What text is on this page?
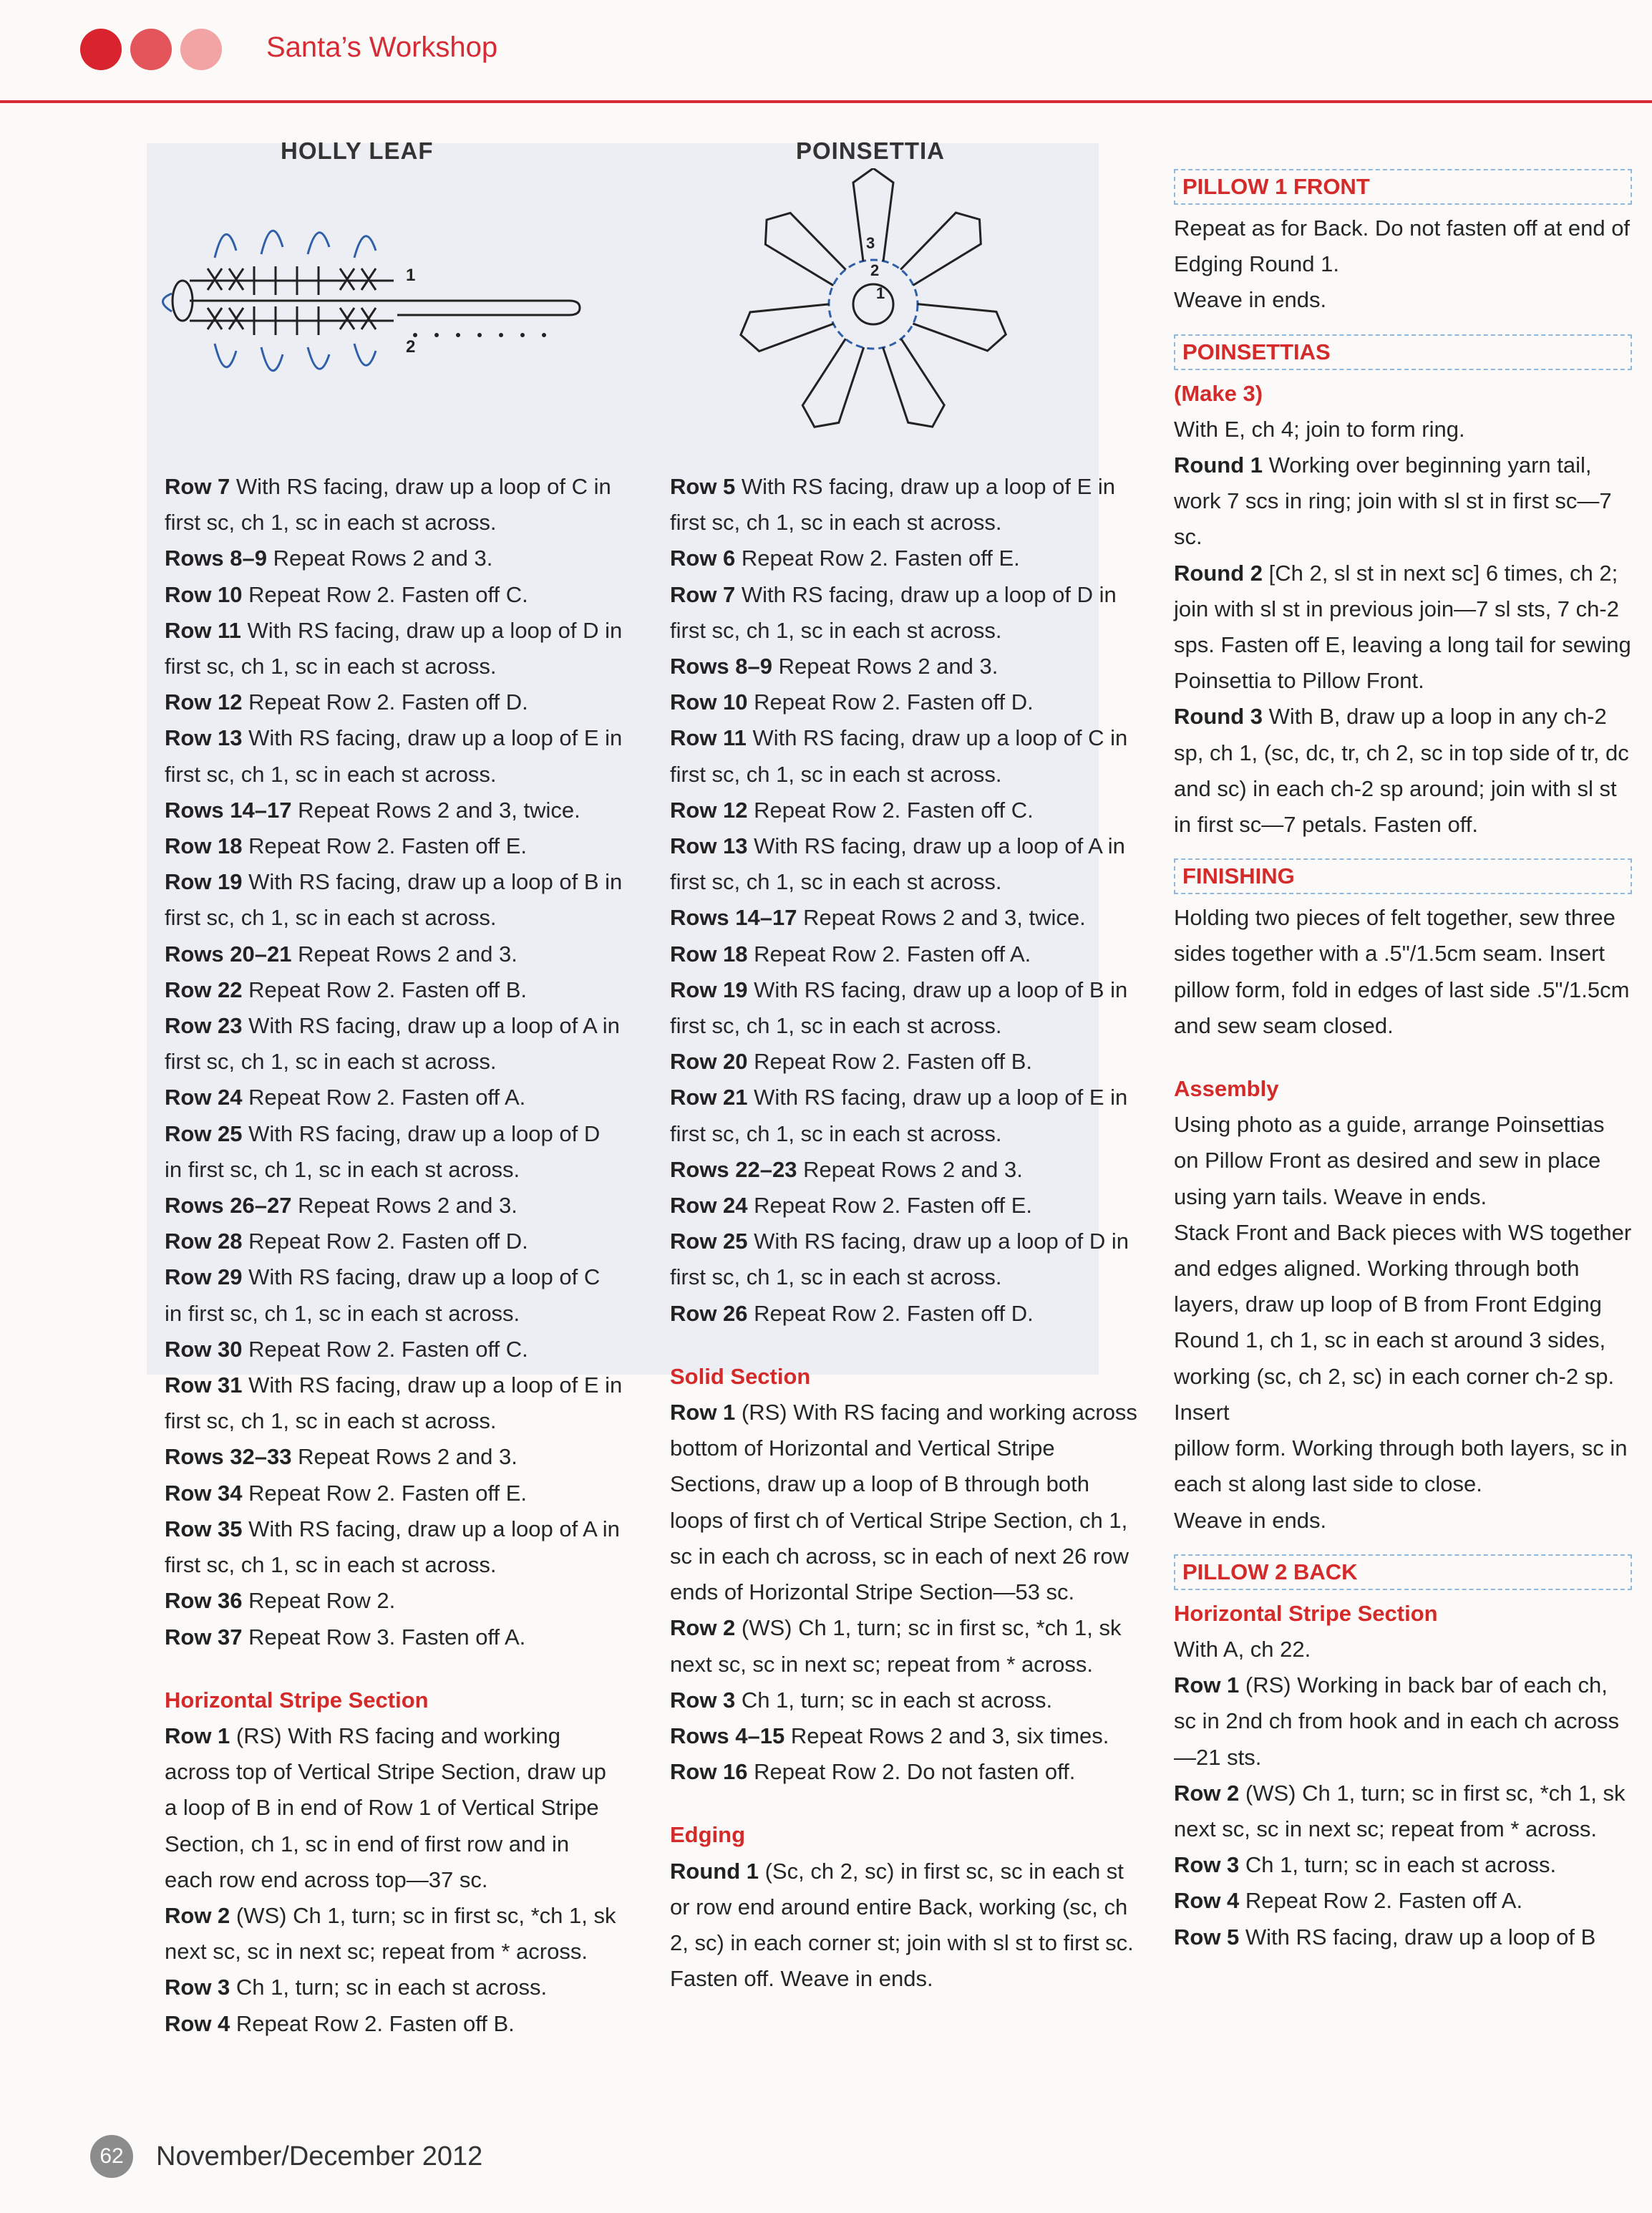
Santa’s Workshop
HOLLY LEAF
1
2
POINSETTIA
1
2
3

Row 7 With RS facing, draw up a loop of C in first sc, ch 1, sc in each st across.

Rows 8–9 Repeat Rows 2 and 3.

Row 10 Repeat Row 2. Fasten off C.

Row 11 With RS facing, draw up a loop of D in first sc, ch 1, sc in each st across.

Row 12 Repeat Row 2. Fasten off D.

Row 13 With RS facing, draw up a loop of E in first sc, ch 1, sc in each st across.

Rows 14–17 Repeat Rows 2 and 3, twice.

Row 18 Repeat Row 2. Fasten off E.

Row 19 With RS facing, draw up a loop of B in first sc, ch 1, sc in each st across.

Rows 20–21 Repeat Rows 2 and 3.

Row 22 Repeat Row 2. Fasten off B.

Row 23 With RS facing, draw up a loop of A in first sc, ch 1, sc in each st across.

Row 24 Repeat Row 2. Fasten off A.

Row 25 With RS facing, draw up a loop of D in first sc, ch 1, sc in each st across.

Rows 26–27 Repeat Rows 2 and 3.

Row 28 Repeat Row 2. Fasten off D.

Row 29 With RS facing, draw up a loop of C in first sc, ch 1, sc in each st across.

Row 30 Repeat Row 2. Fasten off C.

Row 31 With RS facing, draw up a loop of E in first sc, ch 1, sc in each st across.

Rows 32–33 Repeat Rows 2 and 3.

Row 34 Repeat Row 2. Fasten off E.

Row 35 With RS facing, draw up a loop of A in first sc, ch 1, sc in each st across.

Row 36 Repeat Row 2.

Row 37 Repeat Row 3. Fasten off A.

Horizontal Stripe Section

Row 1 (RS) With RS facing and working across top of Vertical Stripe Section, draw up a loop of B in end of Row 1 of Vertical Stripe Section, ch 1, sc in end of first row and in each row end across top—37 sc.

Row 2 (WS) Ch 1, turn; sc in first sc, *ch 1, sk next sc, sc in next sc; repeat from * across.

Row 3 Ch 1, turn; sc in each st across.

Row 4 Repeat Row 2. Fasten off B.

Row 5 With RS facing, draw up a loop of E in first sc, ch 1, sc in each st across.

Row 6 Repeat Row 2. Fasten off E.

Row 7 With RS facing, draw up a loop of D in first sc, ch 1, sc in each st across.

Rows 8–9 Repeat Rows 2 and 3.

Row 10 Repeat Row 2. Fasten off D.

Row 11 With RS facing, draw up a loop of C in first sc, ch 1, sc in each st across.

Row 12 Repeat Row 2. Fasten off C.

Row 13 With RS facing, draw up a loop of A in first sc, ch 1, sc in each st across.

Rows 14–17 Repeat Rows 2 and 3, twice.

Row 18 Repeat Row 2. Fasten off A.

Row 19 With RS facing, draw up a loop of B in first sc, ch 1, sc in each st across.

Row 20 Repeat Row 2. Fasten off B.

Row 21 With RS facing, draw up a loop of E in first sc, ch 1, sc in each st across.

Rows 22–23 Repeat Rows 2 and 3.

Row 24 Repeat Row 2. Fasten off E.

Row 25 With RS facing, draw up a loop of D in first sc, ch 1, sc in each st across.

Row 26 Repeat Row 2. Fasten off D.

Solid Section

Row 1 (RS) With RS facing and working across bottom of Horizontal and Vertical Stripe Sections, draw up a loop of B through both loops of first ch of Vertical Stripe Section, ch 1, sc in each ch across, sc in each of next 26 row ends of Horizontal Stripe Section—53 sc.

Row 2 (WS) Ch 1, turn; sc in first sc, *ch 1, sk next sc, sc in next sc; repeat from * across.

Row 3 Ch 1, turn; sc in each st across.

Rows 4–15 Repeat Rows 2 and 3, six times.

Row 16 Repeat Row 2. Do not fasten off.

Edging

Round 1 (Sc, ch 2, sc) in first sc, sc in each st or row end around entire Back, working (sc, ch 2, sc) in each corner st; join with sl st to first sc. Fasten off. Weave in ends.

PILLOW 1 FRONT

Repeat as for Back. Do not fasten off at end of Edging Round 1.

Weave in ends.

POINSETTIAS

(Make 3)

With E, ch 4; join to form ring.

Round 1 Working over beginning yarn tail, work 7 scs in ring; join with sl st in first sc—7 sc.

Round 2 [Ch 2, sl st in next sc] 6 times, ch 2; join with sl st in previous join—7 sl sts, 7 ch-2 sps. Fasten off E, leaving a long tail for sewing Poinsettia to Pillow Front.

Round 3 With B, draw up a loop in any ch-2 sp, ch 1, (sc, dc, tr, ch 2, sc in top side of tr, dc and sc) in each ch-2 sp around; join with sl st in first sc—7 petals. Fasten off.

FINISHING

Holding two pieces of felt together, sew three sides together with a .5"/1.5cm seam. Insert pillow form, fold in edges of last side .5"/1.5cm and sew seam closed.

Assembly

Using photo as a guide, arrange Poinsettias on Pillow Front as desired and sew in place using yarn tails. Weave in ends.

Stack Front and Back pieces with WS together and edges aligned. Working through both layers, draw up loop of B from Front Edging Round 1, ch 1, sc in each st around 3 sides, working (sc, ch 2, sc) in each corner ch-2 sp. Insert

pillow form. Working through both layers, sc in each st along last side to close.

Weave in ends.

PILLOW 2 BACK

Horizontal Stripe Section

With A, ch 22.

Row 1 (RS) Working in back bar of each ch, sc in 2nd ch from hook and in each ch across—21 sts.

Row 2 (WS) Ch 1, turn; sc in first sc, *ch 1, sk next sc, sc in next sc; repeat from * across.

Row 3 Ch 1, turn; sc in each st across.

Row 4 Repeat Row 2. Fasten off A.

Row 5 With RS facing, draw up a loop of B

62	November/December 2012
